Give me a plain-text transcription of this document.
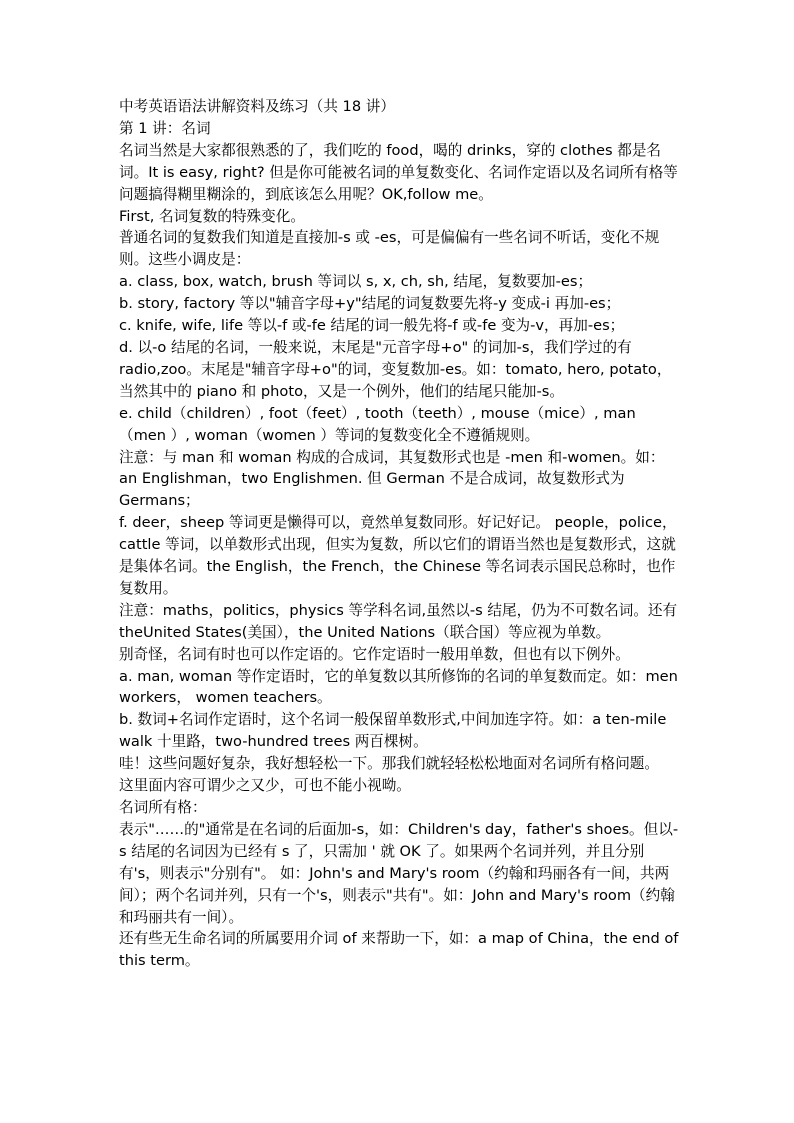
中考英语语法讲解资料及练习（共 18 讲）

第 1 讲：名词

名词当然是大家都很熟悉的了，我们吃的 food，喝的 drinks，穿的 clothes 都是名词。It is easy, right? 但是你可能被名词的单复数变化、名词作定语以及名词所有格等问题搞得糊里糊涂的，到底该怎么用呢？OK,follow me。

First, 名词复数的特殊变化。

普通名词的复数我们知道是直接加-s 或 -es，可是偏偏有一些名词不听话，变化不规则。这些小调皮是：

a. class, box, watch, brush 等词以 s, x, ch, sh, 结尾，复数要加-es；

b. story, factory 等以"辅音字母+y"结尾的词复数要先将-y 变成-i 再加-es；

c. knife, wife, life 等以-f 或-fe 结尾的词一般先将-f 或-fe 变为-v，再加-es；

d. 以-o 结尾的名词，一般来说，末尾是"元音字母+o" 的词加-s，我们学过的有 radio,zoo。末尾是"辅音字母+o"的词，变复数加-es。如：tomato, hero, potato，当然其中的 piano 和 photo，又是一个例外，他们的结尾只能加-s。

e. child（children）, foot（feet）, tooth（teeth）, mouse（mice）, man（men ）, woman（women ）等词的复数变化全不遵循规则。

注意：与 man 和 woman 构成的合成词，其复数形式也是 -men 和-women。如：an Englishman，two Englishmen. 但 German 不是合成词，故复数形式为 Germans；

f. deer，sheep 等词更是懒得可以，竟然单复数同形。好记好记。 people，police，cattle 等词，以单数形式出现，但实为复数，所以它们的谓语当然也是复数形式，这就是集体名词。the English，the French，the Chinese 等名词表示国民总称时，也作复数用。

注意：maths，politics，physics 等学科名词,虽然以-s 结尾，仍为不可数名词。还有 theUnited States(美国），the United Nations（联合国）等应视为单数。

别奇怪，名词有时也可以作定语的。它作定语时一般用单数，但也有以下例外。

a. man, woman 等作定语时，它的单复数以其所修饰的名词的单复数而定。如：men workers， women teachers。

b. 数词+名词作定语时，这个名词一般保留单数形式,中间加连字符。如：a ten-mile walk 十里路，two-hundred trees 两百棵树。

哇！这些问题好复杂，我好想轻松一下。那我们就轻轻松松地面对名词所有格问题。

这里面内容可谓少之又少，可也不能小视呦。

名词所有格：

表示"……的"通常是在名词的后面加-s，如：Children's day，father's shoes。但以-s 结尾的名词因为已经有 s 了，只需加 ' 就 OK 了。如果两个名词并列，并且分别有's，则表示"分别有"。 如：John's and Mary's room（约翰和玛丽各有一间，共两间）；两个名词并列，只有一个's，则表示"共有"。如：John and Mary's room（约翰和玛丽共有一间）。

还有些无生命名词的所属要用介词 of 来帮助一下，如：a map of China，the end of this term。
